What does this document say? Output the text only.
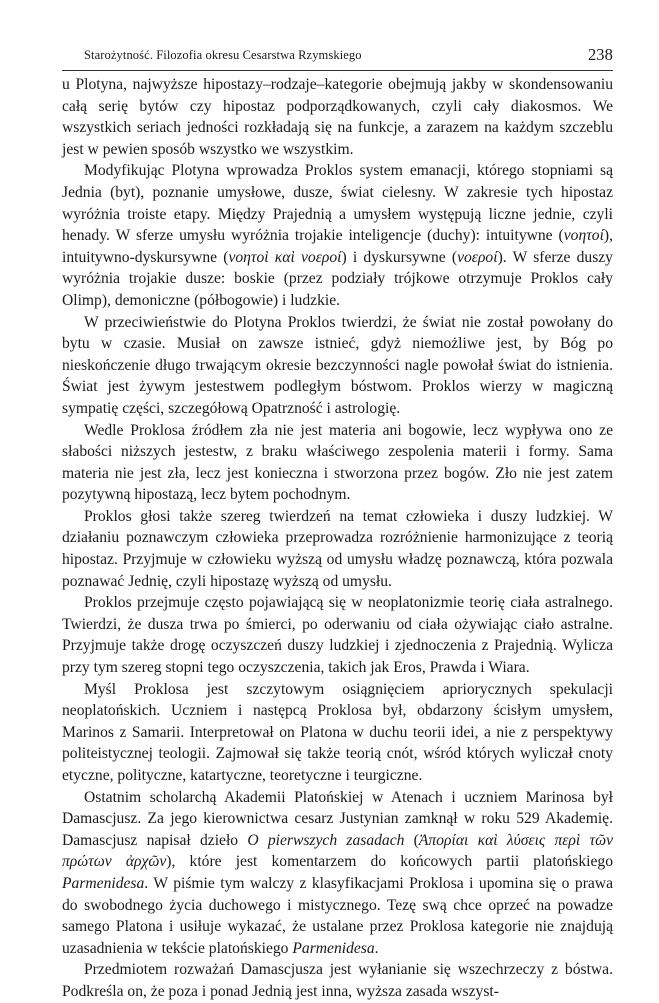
Starożytność. Filozofia okresu Cesarstwa Rzymskiego	238

u Plotyna, najwyższe hipostazy–rodzaje–kategorie obejmują jakby w skondensowaniu całą serię bytów czy hipostaz podporządkowanych, czyli cały diakosmos. We wszystkich seriach jedności rozkładają się na funkcje, a zarazem na każdym szczeblu jest w pewien sposób wszystko we wszystkim.

Modyfikując Plotyna wprowadza Proklos system emanacji, którego stopniami są Jednia (byt), poznanie umysłowe, dusze, świat cielesny. W zakresie tych hipostaz wyróżnia troiste etapy. Między Prajednią a umysłem występują liczne jednie, czyli henady. W sferze umysłu wyróżnia trojakie inteligencje (duchy): intuitywne (νοητοί), intuitywno-dyskursywne (νοητοὶ καὶ νοεροί) i dyskursywne (νοεροί). W sferze duszy wyróżnia trojakie dusze: boskie (przez podziały trójkowe otrzymuje Proklos cały Olimp), demoniczne (półbogowie) i ludzkie.

W przeciwieństwie do Plotyna Proklos twierdzi, że świat nie został powołany do bytu w czasie. Musiał on zawsze istnieć, gdyż niemożliwe jest, by Bóg po nieskończenie długo trwającym okresie bezczynności nagle powołał świat do istnienia. Świat jest żywym jestestwem podległym bóstwom. Proklos wierzy w magiczną sympatię części, szczegółową Opatrzność i astrologię.

Wedle Proklosa źródłem zła nie jest materia ani bogowie, lecz wypływa ono ze słabości niższych jestestw, z braku właściwego zespolenia materii i formy. Sama materia nie jest zła, lecz jest konieczna i stworzona przez bogów. Zło nie jest zatem pozytywną hipostazą, lecz bytem pochodnym.

Proklos głosi także szereg twierdzeń na temat człowieka i duszy ludzkiej. W działaniu poznawczym człowieka przeprowadza rozróżnienie harmonizujące z teorią hipostaz. Przyjmuje w człowieku wyższą od umysłu władzę poznawczą, która pozwala poznawać Jednię, czyli hipostazę wyższą od umysłu.

Proklos przejmuje często pojawiającą się w neoplatonizmie teorię ciała astralnego. Twierdzi, że dusza trwa po śmierci, po oderwaniu od ciała ożywiając ciało astralne. Przyjmuje także drogę oczyszczeń duszy ludzkiej i zjednoczenia z Prajednią. Wylicza przy tym szereg stopni tego oczyszczenia, takich jak Eros, Prawda i Wiara.

Myśl Proklosa jest szczytowym osiągnięciem apriorycznych spekulacji neoplatońskich. Uczniem i następcą Proklosa był, obdarzony ścisłym umysłem, Marinos z Samarii. Interpretował on Platona w duchu teorii idei, a nie z perspektywy politeistycznej teologii. Zajmował się także teorią cnót, wśród których wyliczał cnoty etyczne, polityczne, katartyczne, teoretyczne i teurgiczne.

Ostatnim scholarchą Akademii Platońskiej w Atenach i uczniem Marinosa był Damascjusz. Za jego kierownictwa cesarz Justynian zamknął w roku 529 Akademię. Damascjusz napisał dzieło O pierwszych zasadach (Ἀπορίαι καὶ λύσεις περὶ τῶν πρώτων ἀρχῶν), które jest komentarzem do końcowych partii platońskiego Parmenidesa. W piśmie tym walczy z klasyfikacjami Proklosa i upomina się o prawa do swobodnego życia duchowego i mistycznego. Tezę swą chce oprzeć na powadze samego Platona i usiłuje wykazać, że ustalane przez Proklosa kategorie nie znajdują uzasadnienia w tekście platońskiego Parmenidesa.

Przedmiotem rozważań Damascjusza jest wyłanianie się wszechrzeczy z bóstwa. Podkreśla on, że poza i ponad Jednią jest inna, wyższa zasada wszyst-
